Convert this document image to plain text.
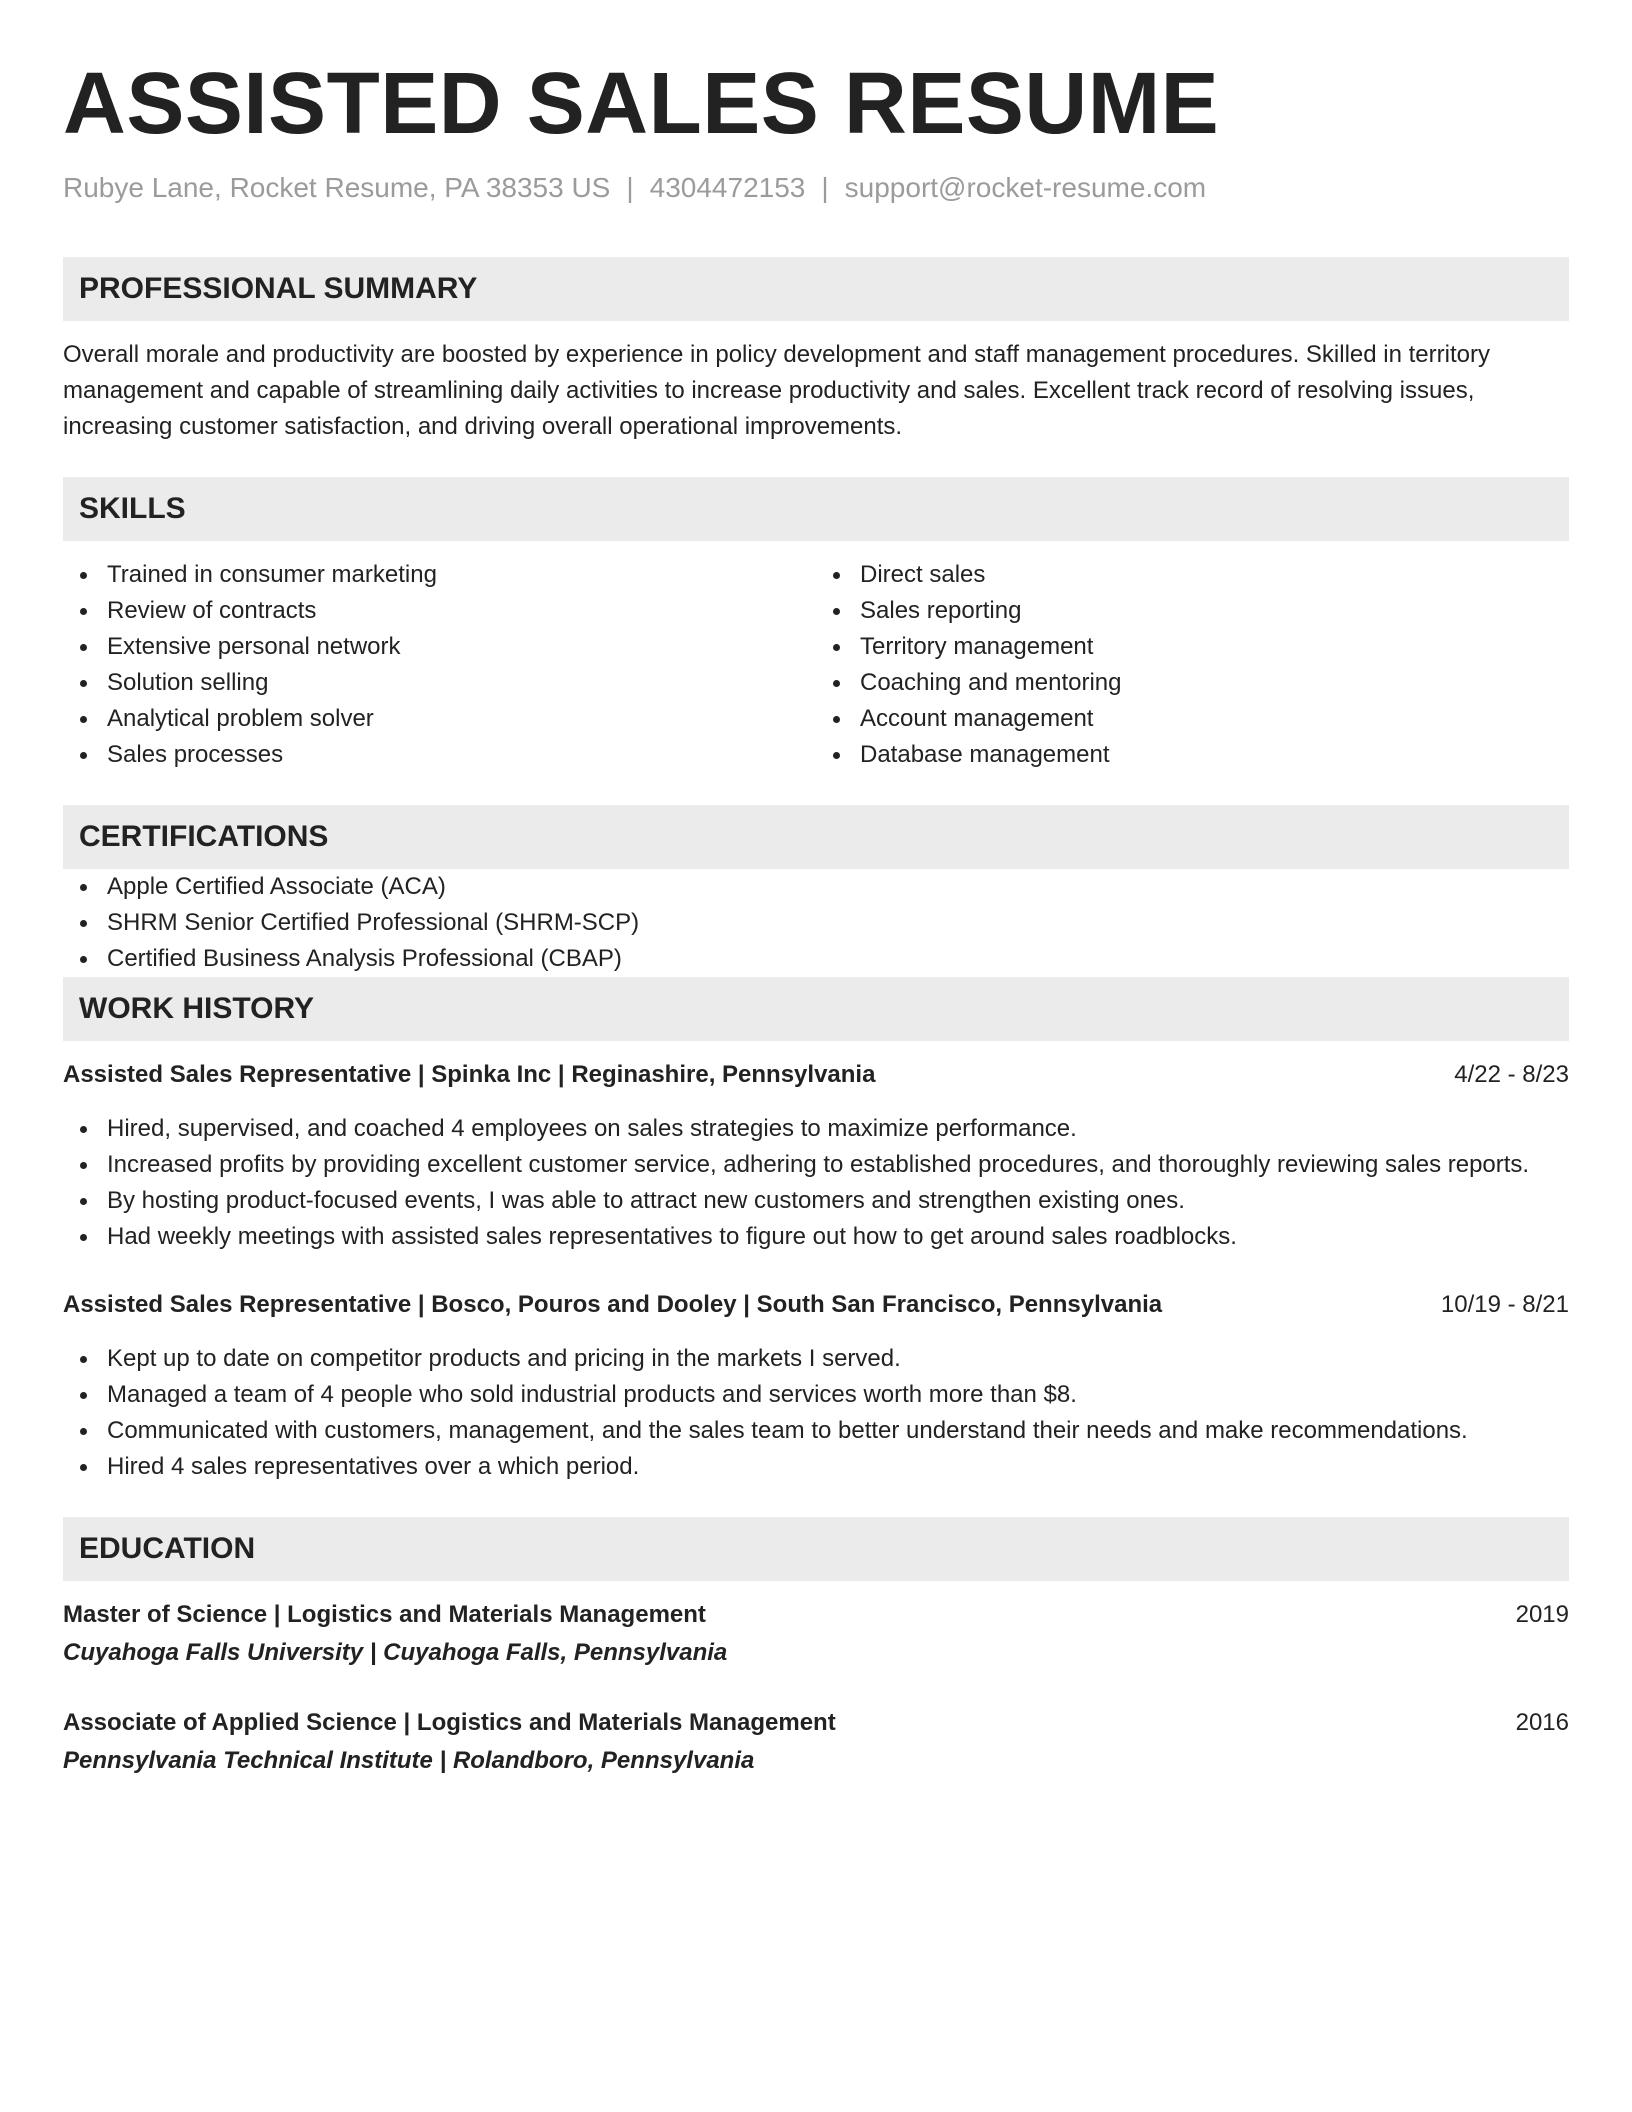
ASSISTED SALES RESUME
Rubye Lane, Rocket Resume, PA 38353 US | 4304472153 | support@rocket-resume.com
PROFESSIONAL SUMMARY

Overall morale and productivity are boosted by experience in policy development and staff management procedures. Skilled in territory management and capable of streamlining daily activities to increase productivity and sales. Excellent track record of resolving issues, increasing customer satisfaction, and driving overall operational improvements.

SKILLS
Trained in consumer marketing
Review of contracts
Extensive personal network
Solution selling
Analytical problem solver
Sales processes
Direct sales
Sales reporting
Territory management
Coaching and mentoring
Account management
Database management
CERTIFICATIONS
Apple Certified Associate (ACA)
SHRM Senior Certified Professional (SHRM-SCP)
Certified Business Analysis Professional (CBAP)
WORK HISTORY
Assisted Sales Representative | Spinka Inc | Reginashire, Pennsylvania	4/22 - 8/23
Hired, supervised, and coached 4 employees on sales strategies to maximize performance.
Increased profits by providing excellent customer service, adhering to established procedures, and thoroughly reviewing sales reports.
By hosting product-focused events, I was able to attract new customers and strengthen existing ones.
Had weekly meetings with assisted sales representatives to figure out how to get around sales roadblocks.
Assisted Sales Representative | Bosco, Pouros and Dooley | South San Francisco, Pennsylvania	10/19 - 8/21
Kept up to date on competitor products and pricing in the markets I served.
Managed a team of 4 people who sold industrial products and services worth more than $8.
Communicated with customers, management, and the sales team to better understand their needs and make recommendations.
Hired 4 sales representatives over a which period.
EDUCATION
Master of Science | Logistics and Materials Management	2019
Cuyahoga Falls University | Cuyahoga Falls, Pennsylvania
Associate of Applied Science | Logistics and Materials Management	2016
Pennsylvania Technical Institute | Rolandboro, Pennsylvania
